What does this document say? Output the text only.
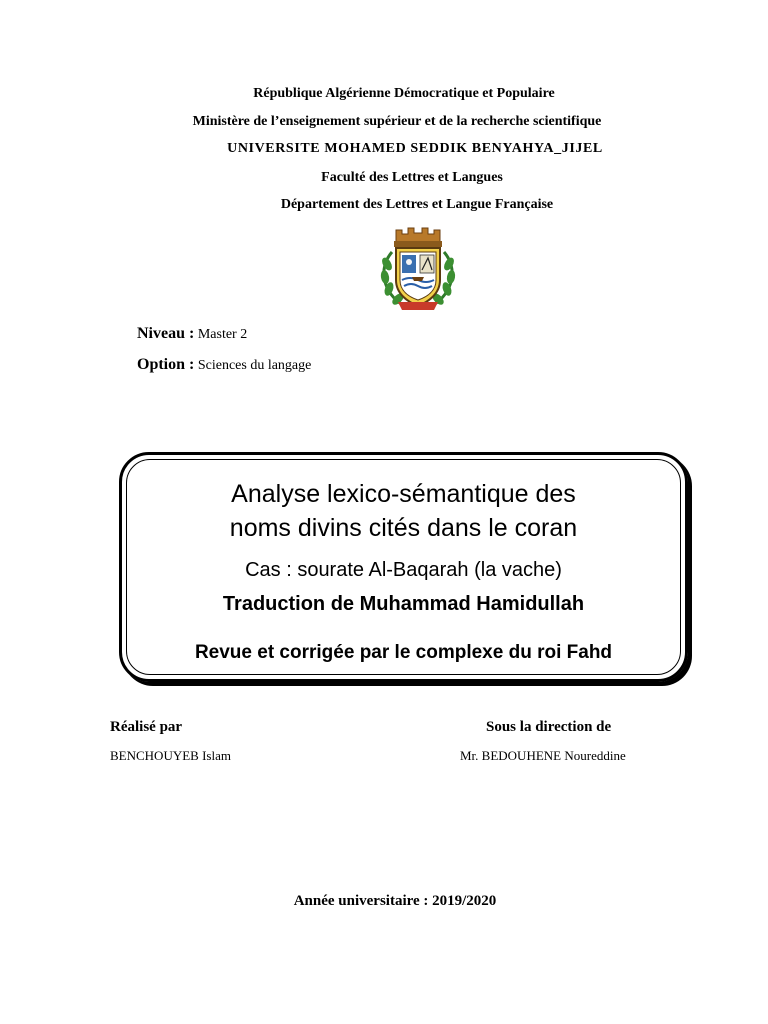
République Algérienne Démocratique et Populaire
Ministère de l’enseignement supérieur et de la recherche scientifique
UNIVERSITE MOHAMED SEDDIK BENYAHYA_JIJEL
Faculté des Lettres et Langues
Département des Lettres et Langue Française
Niveau : Master 2
Option : Sciences du langage
Analyse lexico-sémantique des noms divins cités dans le coran
Cas : sourate Al-Baqarah (la vache)
Traduction de Muhammad Hamidullah
Revue et corrigée par le complexe du roi Fahd
Réalisé par	Sous la direction de
BENCHOUYEB Islam	Mr. BEDOUHENE Noureddine
Année universitaire : 2019/2020
